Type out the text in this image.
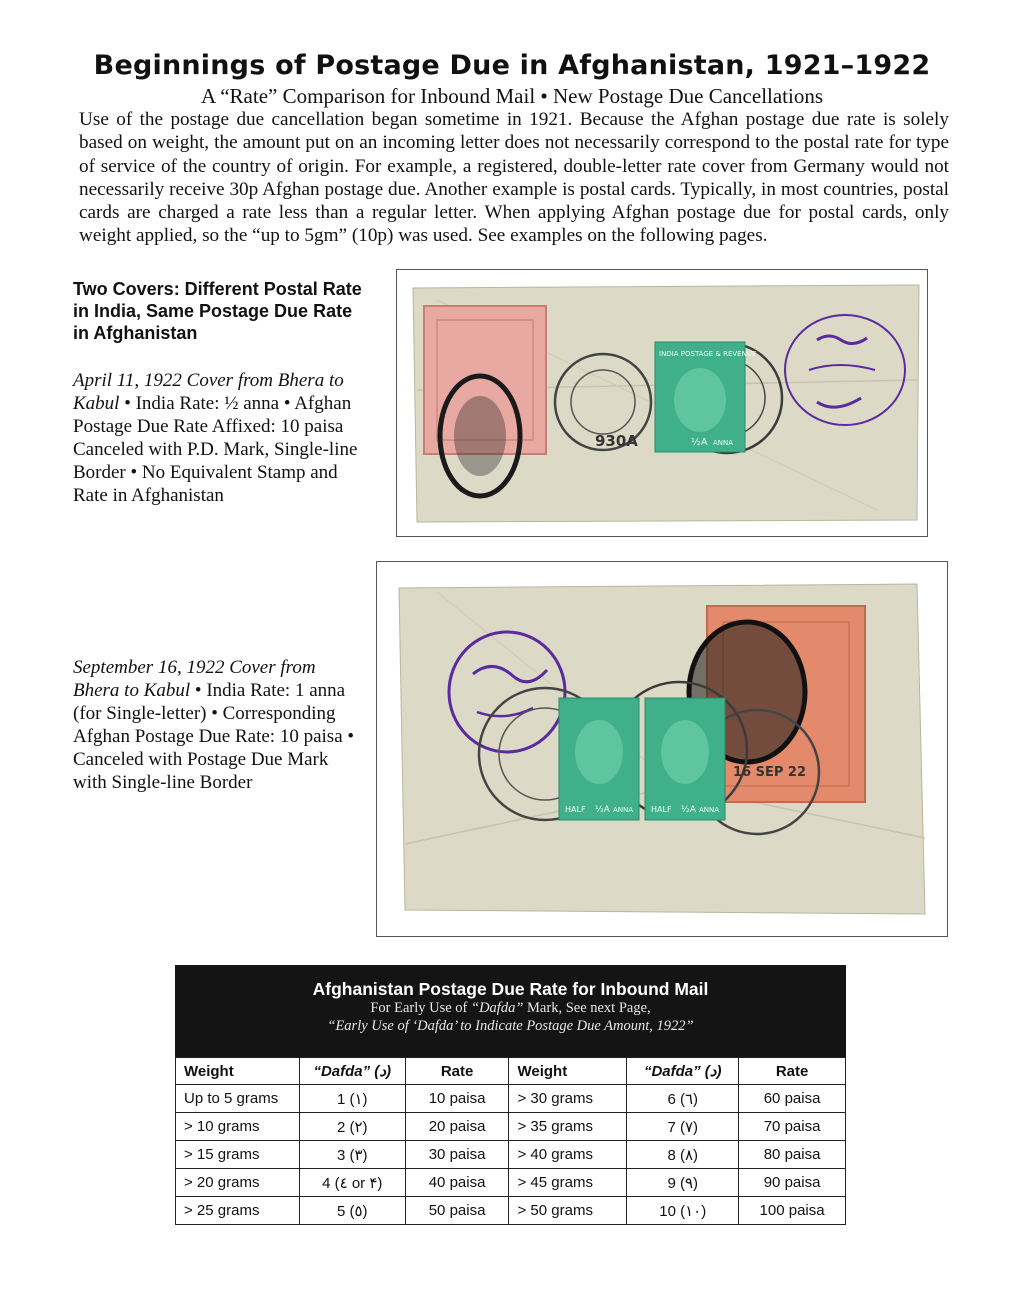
Beginnings of Postage Due in Afghanistan, 1921–1922
A “Rate” Comparison for Inbound Mail • New Postage Due Cancellations

Use of the postage due cancellation began sometime in 1921. Because the Afghan postage due rate is solely based on weight, the amount put on an incoming letter does not necessarily correspond to the postal rate for type of service of the country of origin. For example, a registered, double-letter rate cover from Germany would not necessarily receive 30p Afghan postage due. Another example is postal cards. Typically, in most countries, postal cards are charged a rate less than a regular letter. When applying Afghan postage due for postal cards, only weight applied, so the “up to 5gm” (10p) was used. See examples on the following pages.

Two Covers: Different Postal Rate in India, Same Postage Due Rate in Afghanistan
April 11, 1922 Cover from Bhera to Kabul • India Rate: ½ anna • Afghan Postage Due Rate Affixed: 10 paisa Canceled with P.D. Mark, Single-line Border • No Equivalent Stamp and Rate in Afghanistan
September 16, 1922 Cover from Bhera to Kabul • India Rate: 1 anna (for Single-letter) • Corresponding Afghan Postage Due Rate: 10 paisa • Canceled with Postage Due Mark with Single-line Border
930A
INDIA POSTAGE & REVENUE
½A ANNA
16 SEP 22
HALF ½A ANNA HALF ½A ANNA
Afghanistan Postage Due Rate for Inbound Mail
For Early Use of “Dafda” Mark, See next Page,
“Early Use of ‘Dafda’ to Indicate Postage Due Amount, 1922”
Weight	“Dafda” (د)	Rate	Weight	“Dafda” (د)	Rate
Up to 5 grams	1 (١)	10 paisa	> 30 grams	6 (٦)	60 paisa
> 10 grams	2 (٢)	20 paisa	> 35 grams	7 (٧)	70 paisa
> 15 grams	3 (٣)	30 paisa	> 40 grams	8 (٨)	80 paisa
> 20 grams	4 (٤ or ۴)	40 paisa	> 45 grams	9 (٩)	90 paisa
> 25 grams	5 (٥)	50 paisa	> 50 grams	10 (١٠)	100 paisa
